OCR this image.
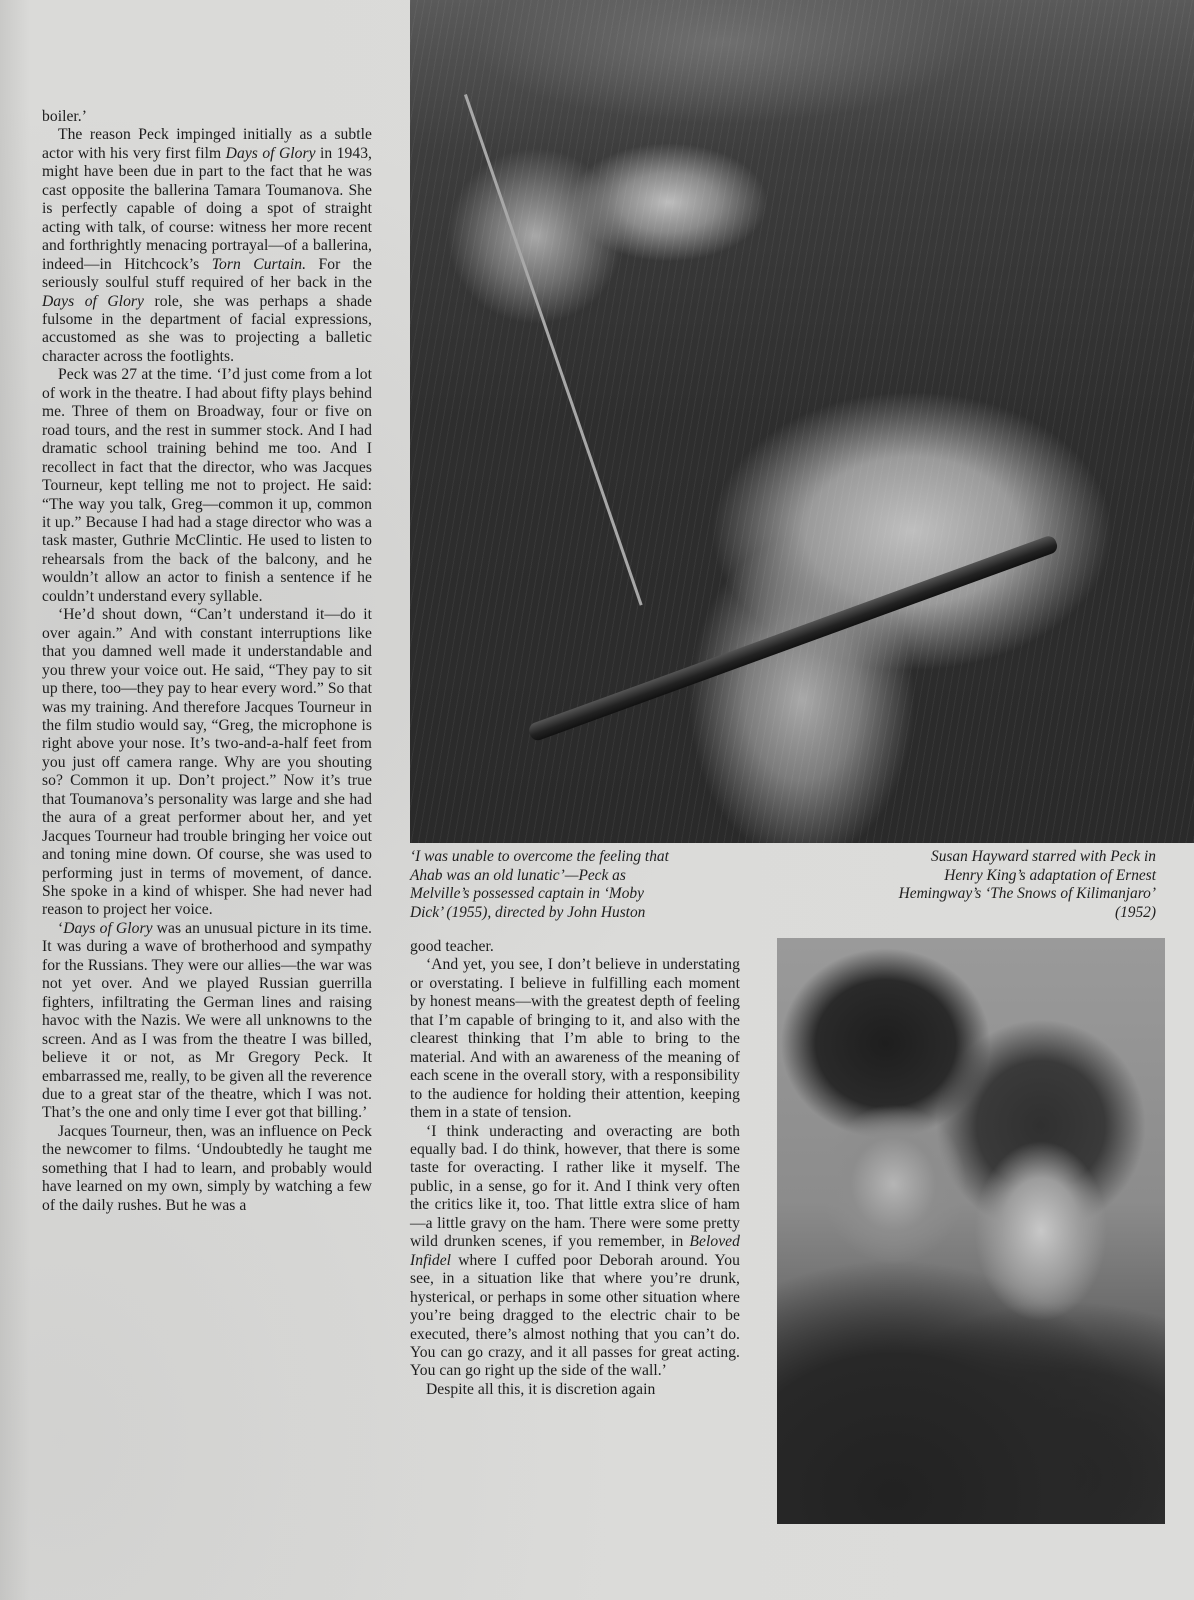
boiler.’

The reason Peck impinged initially as a subtle actor with his very first film Days of Glory in 1943, might have been due in part to the fact that he was cast opposite the ballerina Tamara Toumanova. She is perfectly capable of doing a spot of straight acting with talk, of course: witness her more recent and forthrightly menacing portrayal—of a ballerina, indeed—in Hitchcock’s Torn Curtain. For the seriously soulful stuff required of her back in the Days of Glory role, she was perhaps a shade fulsome in the department of facial expressions, accustomed as she was to projecting a balletic character across the footlights.

Peck was 27 at the time. ‘I’d just come from a lot of work in the theatre. I had about fifty plays behind me. Three of them on Broadway, four or five on road tours, and the rest in summer stock. And I had dramatic school training behind me too. And I recollect in fact that the director, who was Jacques Tourneur, kept telling me not to project. He said: “The way you talk, Greg—common it up, common it up.” Because I had had a stage director who was a task master, Guthrie McClintic. He used to listen to rehearsals from the back of the balcony, and he wouldn’t allow an actor to finish a sentence if he couldn’t understand every syllable.

‘He’d shout down, “Can’t understand it—do it over again.” And with constant interruptions like that you damned well made it understandable and you threw your voice out. He said, “They pay to sit up there, too—they pay to hear every word.” So that was my training. And therefore Jacques Tourneur in the film studio would say, “Greg, the microphone is right above your nose. It’s two-and-a-half feet from you just off camera range. Why are you shouting so? Common it up. Don’t project.” Now it’s true that Toumanova’s personality was large and she had the aura of a great performer about her, and yet Jacques Tourneur had trouble bringing her voice out and toning mine down. Of course, she was used to performing just in terms of movement, of dance. She spoke in a kind of whisper. She had never had reason to project her voice.

‘Days of Glory was an unusual picture in its time. It was during a wave of brotherhood and sympathy for the Russians. They were our allies—the war was not yet over. And we played Russian guerrilla fighters, infiltrating the German lines and raising havoc with the Nazis. We were all unknowns to the screen. And as I was from the theatre I was billed, believe it or not, as Mr Gregory Peck. It embarrassed me, really, to be given all the reverence due to a great star of the theatre, which I was not. That’s the one and only time I ever got that billing.’

Jacques Tourneur, then, was an influence on Peck the newcomer to films. ‘Undoubtedly he taught me something that I had to learn, and probably would have learned on my own, simply by watching a few of the daily rushes. But he was a

‘I was unable to overcome the feeling that
Ahab was an old lunatic’—Peck as
Melville’s possessed captain in ‘Moby
Dick’ (1955), directed by John Huston
Susan Hayward starred with Peck in
Henry King’s adaptation of Ernest
Hemingway’s ‘The Snows of Kilimanjaro’
(1952)

good teacher.

‘And yet, you see, I don’t believe in understating or overstating. I believe in fulfilling each moment by honest means—with the greatest depth of feeling that I’m capable of bringing to it, and also with the clearest thinking that I’m able to bring to the material. And with an awareness of the meaning of each scene in the overall story, with a responsibility to the audience for holding their attention, keeping them in a state of tension.

‘I think underacting and overacting are both equally bad. I do think, however, that there is some taste for overacting. I rather like it myself. The public, in a sense, go for it. And I think very often the critics like it, too. That little extra slice of ham—a little gravy on the ham. There were some pretty wild drunken scenes, if you remember, in Beloved Infidel where I cuffed poor Deborah around. You see, in a situation like that where you’re drunk, hysterical, or perhaps in some other situation where you’re being dragged to the electric chair to be executed, there’s almost nothing that you can’t do. You can go crazy, and it all passes for great acting. You can go right up the side of the wall.’

Despite all this, it is discretion again
